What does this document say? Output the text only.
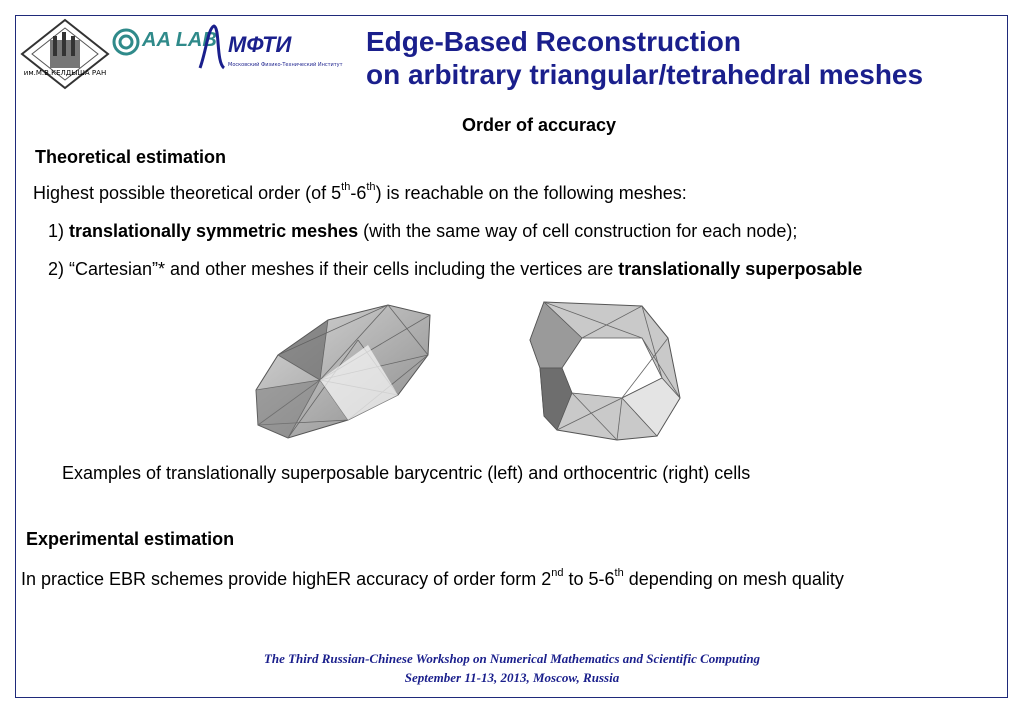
им.М.В.КЕЛДЫША РАН
AA LAB МФТИ
Московский Физико-Технический Институт
Edge-Based Reconstruction
on arbitrary triangular/tetrahedral meshes
Order of accuracy
Theoretical estimation
Highest possible theoretical order (of 5th-6th) is reachable on the following meshes:
1) translationally symmetric meshes (with the same way of cell construction for each node);
2) “Cartesian”* and other meshes if their cells including the vertices are translationally superposable
Examples of translationally superposable barycentric (left) and orthocentric (right) cells
Experimental estimation
In practice EBR schemes provide highER accuracy of order form 2nd to 5-6th depending on mesh quality
The Third Russian-Chinese Workshop on Numerical Mathematics and Scientific Computing
September 11-13, 2013, Moscow, Russia
